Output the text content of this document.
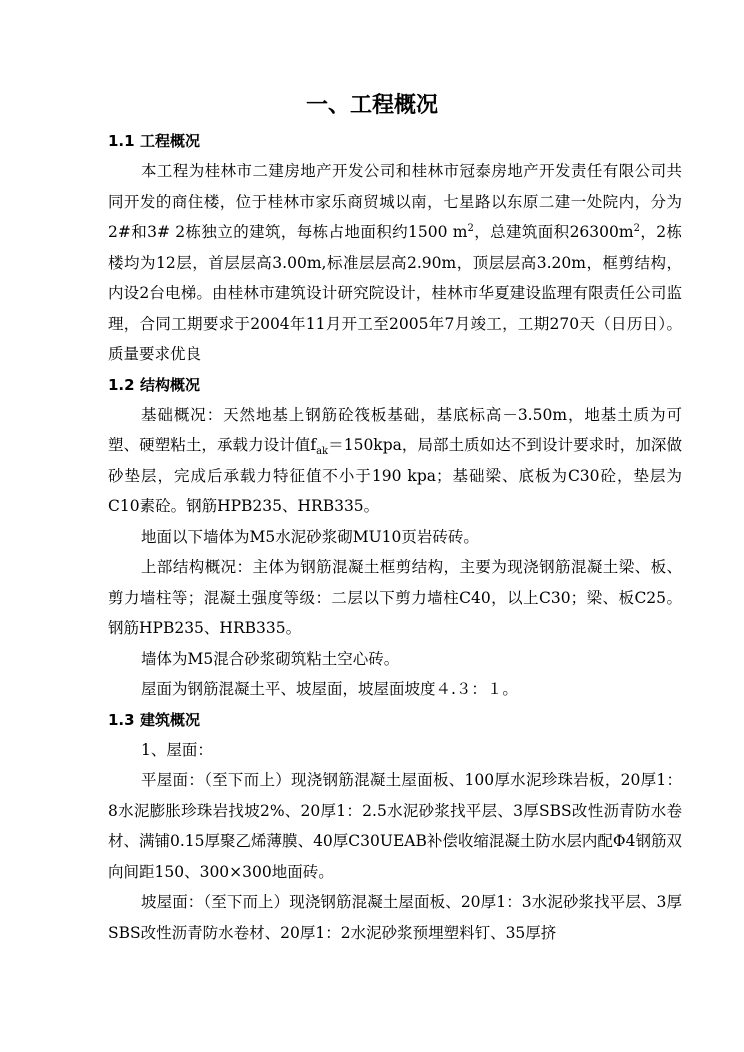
一、工程概况
1.1 工程概况

本工程为桂林市二建房地产开发公司和桂林市冠泰房地产开发责任有限公司共同开发的商住楼，位于桂林市家乐商贸城以南，七星路以东原二建一处院内，分为2#和3# 2栋独立的建筑，每栋占地面积约1500 $m^2$，总建筑面积$26300m^2$，2栋楼均为12层，首层层高3.00m,标准层层高2.90m，顶层层高3.20m，框剪结构，内设2台电梯。由桂林市建筑设计研究院设计，桂林市华夏建设监理有限责任公司监理，合同工期要求于2004年11月开工至2005年7月竣工，工期270天（日历日）。质量要求优良

1.2 结构概况

基础概况：天然地基上钢筋砼筏板基础，基底标高－3.50m，地基土质为可塑、硬塑粘土，承载力设计值$f_{ak}=150kpa$，局部土质如达不到设计要求时，加深做砂垫层，完成后承载力特征值不小于190 kpa；基础梁、底板为C30砼，垫层为C10素砼。钢筋HPB235、HRB335。

地面以下墙体为M5水泥砂浆砌MU10页岩砖砖。

上部结构概况：主体为钢筋混凝土框剪结构，主要为现浇钢筋混凝土梁、板、剪力墙柱等；混凝土强度等级：二层以下剪力墙柱C40，以上C30；梁、板C25。钢筋HPB235、HRB335。

墙体为M5混合砂浆砌筑粘土空心砖。

屋面为钢筋混凝土平、坡屋面，坡屋面坡度４.３：１。

1.3 建筑概况

1、屋面：

平屋面：（至下而上）现浇钢筋混凝土屋面板、100厚水泥珍珠岩板，20厚1：8水泥膨胀珍珠岩找坡2%、20厚1：2.5水泥砂浆找平层、3厚SBS改性沥青防水卷材、满铺0.15厚聚乙烯薄膜、40厚C30UEAB补偿收缩混凝土防水层内配Φ4钢筋双向间距150、300×300地面砖。

坡屋面：（至下而上）现浇钢筋混凝土屋面板、20厚1：3水泥砂浆找平层、3厚SBS改性沥青防水卷材、20厚1：2水泥砂浆预埋塑料钉、35厚挤
